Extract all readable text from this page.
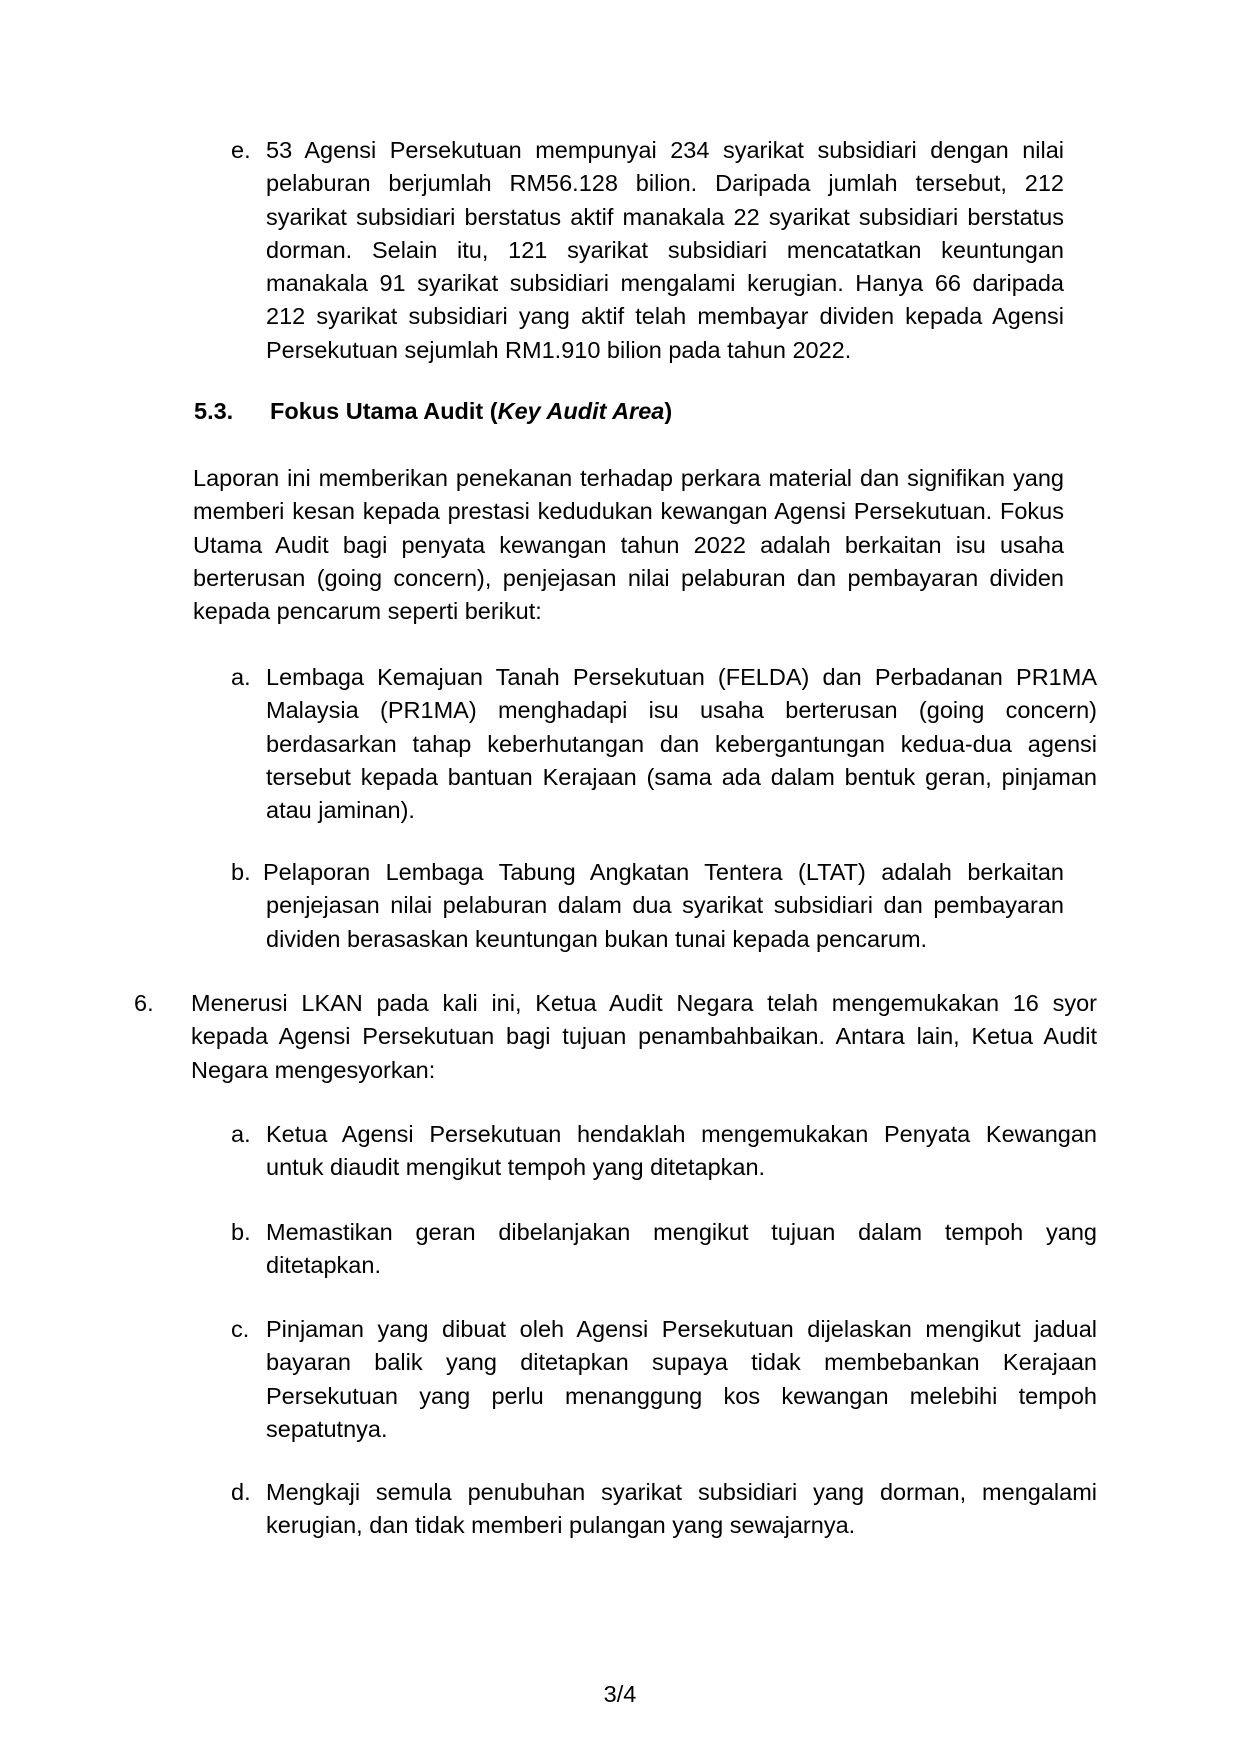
e. 53 Agensi Persekutuan mempunyai 234 syarikat subsidiari dengan nilai pelaburan berjumlah RM56.128 bilion. Daripada jumlah tersebut, 212 syarikat subsidiari berstatus aktif manakala 22 syarikat subsidiari berstatus dorman. Selain itu, 121 syarikat subsidiari mencatatkan keuntungan manakala 91 syarikat subsidiari mengalami kerugian. Hanya 66 daripada 212 syarikat subsidiari yang aktif telah membayar dividen kepada Agensi Persekutuan sejumlah RM1.910 bilion pada tahun 2022.

5.3. Fokus Utama Audit (Key Audit Area)

Laporan ini memberikan penekanan terhadap perkara material dan signifikan yang memberi kesan kepada prestasi kedudukan kewangan Agensi Persekutuan. Fokus Utama Audit bagi penyata kewangan tahun 2022 adalah berkaitan isu usaha berterusan (going concern), penjejasan nilai pelaburan dan pembayaran dividen kepada pencarum seperti berikut:

a. Lembaga Kemajuan Tanah Persekutuan (FELDA) dan Perbadanan PR1MA Malaysia (PR1MA) menghadapi isu usaha berterusan (going concern) berdasarkan tahap keberhutangan dan kebergantungan kedua-dua agensi tersebut kepada bantuan Kerajaan (sama ada dalam bentuk geran, pinjaman atau jaminan).

b. Pelaporan Lembaga Tabung Angkatan Tentera (LTAT) adalah berkaitan penjejasan nilai pelaburan dalam dua syarikat subsidiari dan pembayaran dividen berasaskan keuntungan bukan tunai kepada pencarum.

6. Menerusi LKAN pada kali ini, Ketua Audit Negara telah mengemukakan 16 syor kepada Agensi Persekutuan bagi tujuan penambahbaikan. Antara lain, Ketua Audit Negara mengesyorkan:

a. Ketua Agensi Persekutuan hendaklah mengemukakan Penyata Kewangan untuk diaudit mengikut tempoh yang ditetapkan.

b. Memastikan geran dibelanjakan mengikut tujuan dalam tempoh yang ditetapkan.

c. Pinjaman yang dibuat oleh Agensi Persekutuan dijelaskan mengikut jadual bayaran balik yang ditetapkan supaya tidak membebankan Kerajaan Persekutuan yang perlu menanggung kos kewangan melebihi tempoh sepatutnya.

d. Mengkaji semula penubuhan syarikat subsidiari yang dorman, mengalami kerugian, dan tidak memberi pulangan yang sewajarnya.

3/4
